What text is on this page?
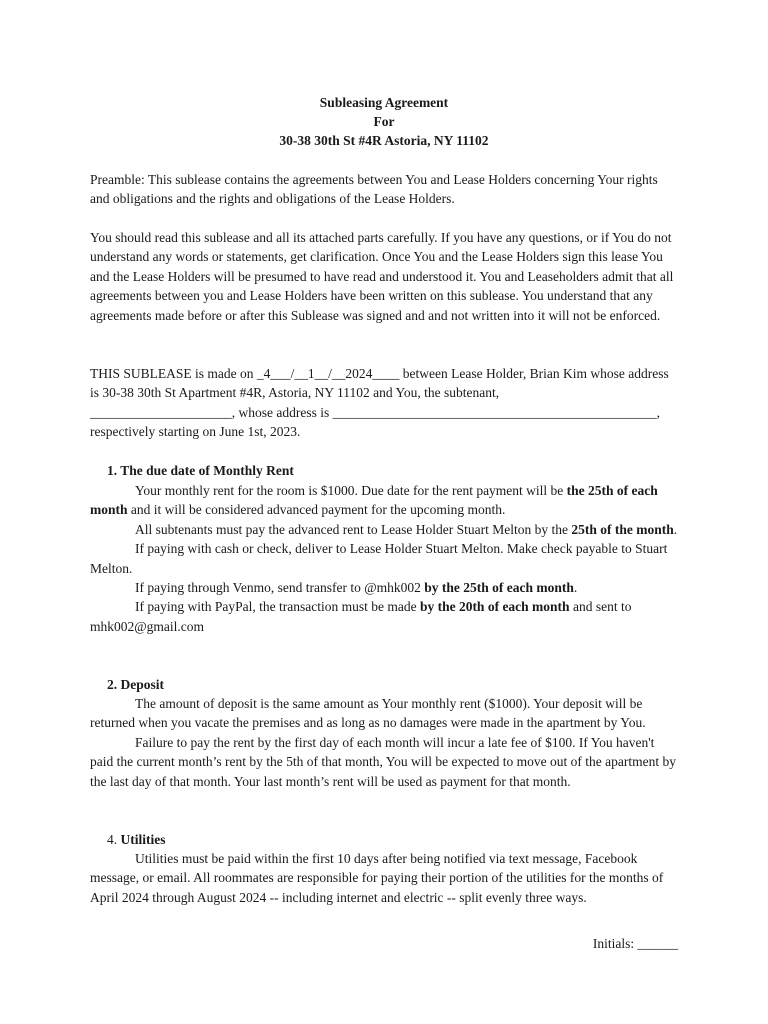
Subleasing Agreement
For
30-38 30th St #4R Astoria, NY 11102

Preamble: This sublease contains the agreements between You and Lease Holders concerning Your rights and obligations and the rights and obligations of the Lease Holders.

You should read this sublease and all its attached parts carefully. If you have any questions, or if You do not understand any words or statements, get clarification. Once You and the Lease Holders sign this lease You and the Lease Holders will be presumed to have read and understood it. You and Leaseholders admit that all agreements between you and Lease Holders have been written on this sublease. You understand that any agreements made before or after this Sublease was signed and and not written into it will not be enforced.

THIS SUBLEASE is made on _4___/__1__/__2024____ between Lease Holder, Brian Kim whose address is 30-38 30th St Apartment #4R, Astoria, NY 11102 and You, the subtenant,
_____________________, whose address is ________________________________________________,
respectively starting on June 1st, 2023.

1. The due date of Monthly Rent

Your monthly rent for the room is $1000. Due date for the rent payment will be the 25th of each month and it will be considered advanced payment for the upcoming month.

All subtenants must pay the advanced rent to Lease Holder Stuart Melton by the 25th of the month.

If paying with cash or check, deliver to Lease Holder Stuart Melton. Make check payable to Stuart Melton.

If paying through Venmo, send transfer to @mhk002 by the 25th of each month.

If paying with PayPal, the transaction must be made by the 20th of each month and sent to mhk002@gmail.com

2. Deposit

The amount of deposit is the same amount as Your monthly rent ($1000). Your deposit will be returned when you vacate the premises and as long as no damages were made in the apartment by You.

Failure to pay the rent by the first day of each month will incur a late fee of $100. If You haven't paid the current month’s rent by the 5th of that month, You will be expected to move out of the apartment by the last day of that month. Your last month’s rent will be used as payment for that month.

4. Utilities

Utilities must be paid within the first 10 days after being notified via text message, Facebook message, or email. All roommates are responsible for paying their portion of the utilities for the months of April 2024 through August 2024 -- including internet and electric -- split evenly three ways.

Initials: ______
